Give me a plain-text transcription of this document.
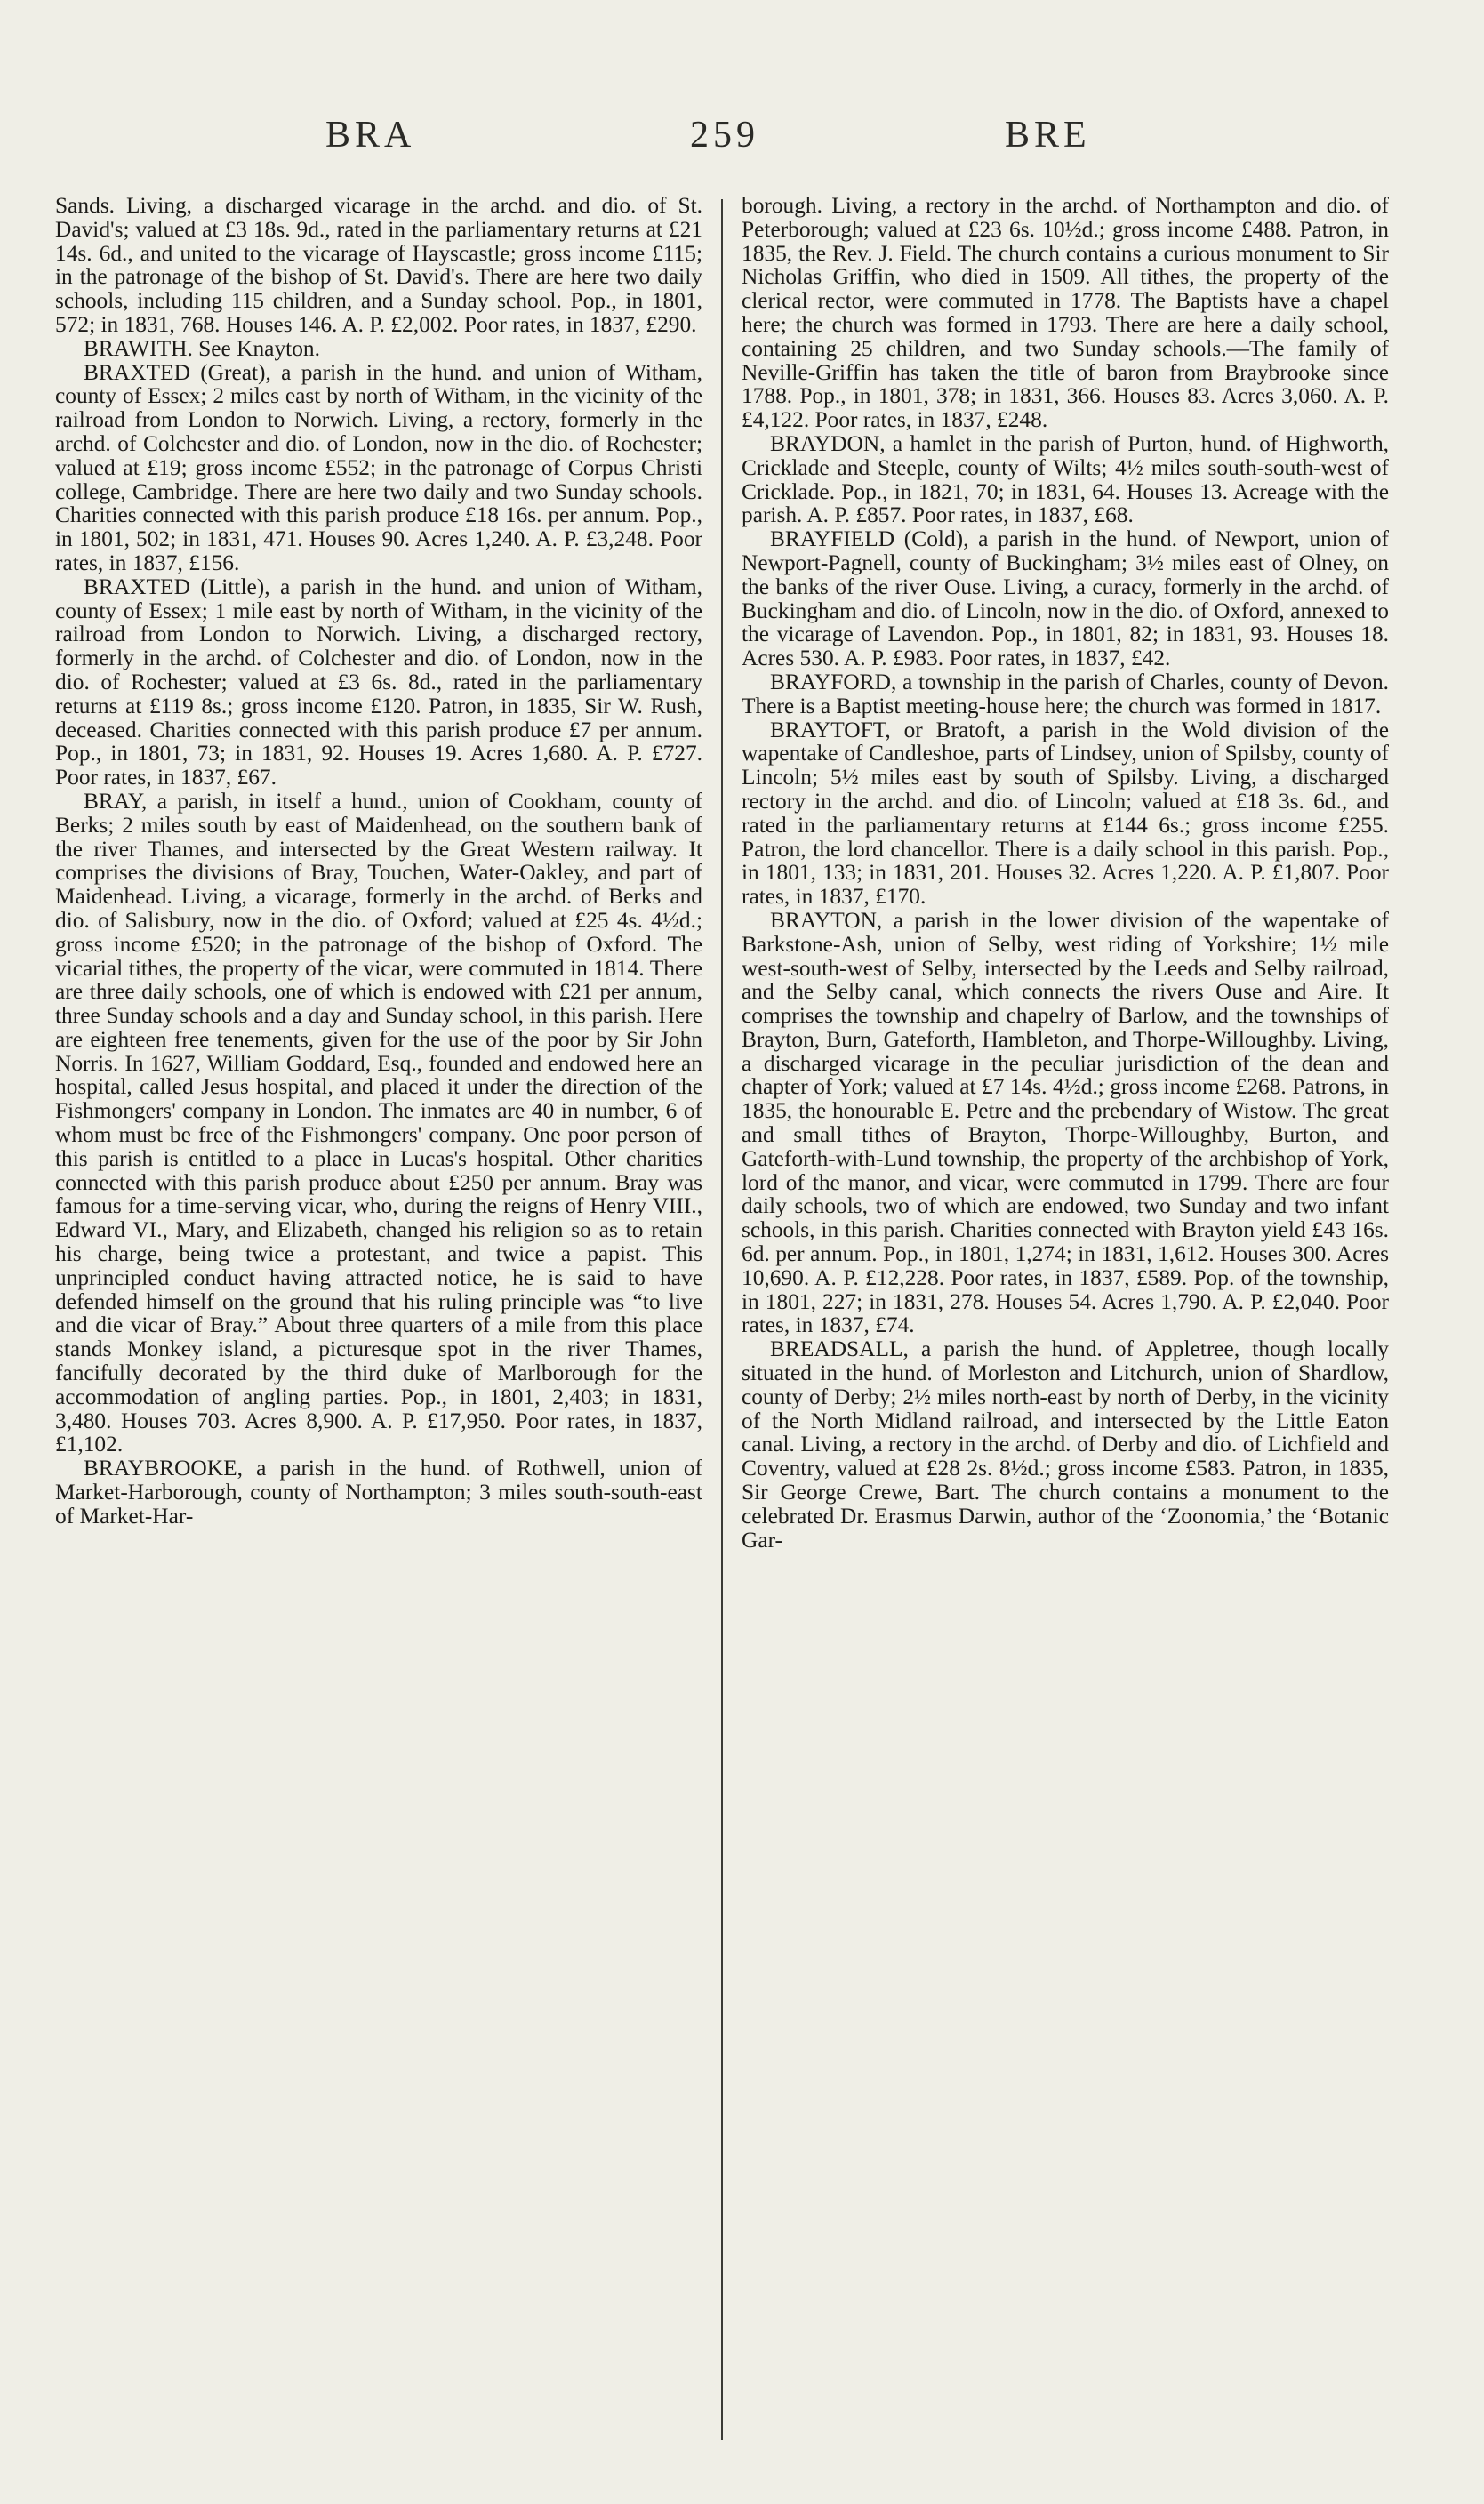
BRA	259	BRE

Sands. Living, a discharged vicarage in the archd. and dio. of St. David's; valued at £3 18s. 9d., rated in the parliamentary returns at £21 14s. 6d., and united to the vicarage of Hayscastle; gross income £115; in the patronage of the bishop of St. David's. There are here two daily schools, including 115 children, and a Sunday school. Pop., in 1801, 572; in 1831, 768. Houses 146. A. P. £2,002. Poor rates, in 1837, £290.

BRAWITH. See Knayton.

BRAXTED (Great), a parish in the hund. and union of Witham, county of Essex; 2 miles east by north of Witham, in the vicinity of the railroad from London to Norwich. Living, a rectory, formerly in the archd. of Colchester and dio. of London, now in the dio. of Rochester; valued at £19; gross income £552; in the patronage of Corpus Christi college, Cambridge. There are here two daily and two Sunday schools. Charities connected with this parish produce £18 16s. per annum. Pop., in 1801, 502; in 1831, 471. Houses 90. Acres 1,240. A. P. £3,248. Poor rates, in 1837, £156.

BRAXTED (Little), a parish in the hund. and union of Witham, county of Essex; 1 mile east by north of Witham, in the vicinity of the railroad from London to Norwich. Living, a discharged rectory, formerly in the archd. of Colchester and dio. of London, now in the dio. of Rochester; valued at £3 6s. 8d., rated in the parliamentary returns at £119 8s.; gross income £120. Patron, in 1835, Sir W. Rush, deceased. Charities connected with this parish produce £7 per annum. Pop., in 1801, 73; in 1831, 92. Houses 19. Acres 1,680. A. P. £727. Poor rates, in 1837, £67.

BRAY, a parish, in itself a hund., union of Cookham, county of Berks; 2 miles south by east of Maidenhead, on the southern bank of the river Thames, and intersected by the Great Western railway. It comprises the divisions of Bray, Touchen, Water-Oakley, and part of Maidenhead. Living, a vicarage, formerly in the archd. of Berks and dio. of Salisbury, now in the dio. of Oxford; valued at £25 4s. 4½d.; gross income £520; in the patronage of the bishop of Oxford. The vicarial tithes, the property of the vicar, were commuted in 1814. There are three daily schools, one of which is endowed with £21 per annum, three Sunday schools and a day and Sunday school, in this parish. Here are eighteen free tenements, given for the use of the poor by Sir John Norris. In 1627, William Goddard, Esq., founded and endowed here an hospital, called Jesus hospital, and placed it under the direction of the Fishmongers' company in London. The inmates are 40 in number, 6 of whom must be free of the Fishmongers' company. One poor person of this parish is entitled to a place in Lucas's hospital. Other charities connected with this parish produce about £250 per annum. Bray was famous for a time-serving vicar, who, during the reigns of Henry VIII., Edward VI., Mary, and Elizabeth, changed his religion so as to retain his charge, being twice a protestant, and twice a papist. This unprincipled conduct having attracted notice, he is said to have defended himself on the ground that his ruling principle was “to live and die vicar of Bray.” About three quarters of a mile from this place stands Monkey island, a picturesque spot in the river Thames, fancifully decorated by the third duke of Marlborough for the accommodation of angling parties. Pop., in 1801, 2,403; in 1831, 3,480. Houses 703. Acres 8,900. A. P. £17,950. Poor rates, in 1837, £1,102.

BRAYBROOKE, a parish in the hund. of Rothwell, union of Market-Harborough, county of Northampton; 3 miles south-south-east of Market-Har-

borough. Living, a rectory in the archd. of Northampton and dio. of Peterborough; valued at £23 6s. 10½d.; gross income £488. Patron, in 1835, the Rev. J. Field. The church contains a curious monument to Sir Nicholas Griffin, who died in 1509. All tithes, the property of the clerical rector, were commuted in 1778. The Baptists have a chapel here; the church was formed in 1793. There are here a daily school, containing 25 children, and two Sunday schools.—The family of Neville-Griffin has taken the title of baron from Braybrooke since 1788. Pop., in 1801, 378; in 1831, 366. Houses 83. Acres 3,060. A. P. £4,122. Poor rates, in 1837, £248.

BRAYDON, a hamlet in the parish of Purton, hund. of Highworth, Cricklade and Steeple, county of Wilts; 4½ miles south-south-west of Cricklade. Pop., in 1821, 70; in 1831, 64. Houses 13. Acreage with the parish. A. P. £857. Poor rates, in 1837, £68.

BRAYFIELD (Cold), a parish in the hund. of Newport, union of Newport-Pagnell, county of Buckingham; 3½ miles east of Olney, on the banks of the river Ouse. Living, a curacy, formerly in the archd. of Buckingham and dio. of Lincoln, now in the dio. of Oxford, annexed to the vicarage of Lavendon. Pop., in 1801, 82; in 1831, 93. Houses 18. Acres 530. A. P. £983. Poor rates, in 1837, £42.

BRAYFORD, a township in the parish of Charles, county of Devon. There is a Baptist meeting-house here; the church was formed in 1817.

BRAYTOFT, or Bratoft, a parish in the Wold division of the wapentake of Candleshoe, parts of Lindsey, union of Spilsby, county of Lincoln; 5½ miles east by south of Spilsby. Living, a discharged rectory in the archd. and dio. of Lincoln; valued at £18 3s. 6d., and rated in the parliamentary returns at £144 6s.; gross income £255. Patron, the lord chancellor. There is a daily school in this parish. Pop., in 1801, 133; in 1831, 201. Houses 32. Acres 1,220. A. P. £1,807. Poor rates, in 1837, £170.

BRAYTON, a parish in the lower division of the wapentake of Barkstone-Ash, union of Selby, west riding of Yorkshire; 1½ mile west-south-west of Selby, intersected by the Leeds and Selby railroad, and the Selby canal, which connects the rivers Ouse and Aire. It comprises the township and chapelry of Barlow, and the townships of Brayton, Burn, Gateforth, Hambleton, and Thorpe-Willoughby. Living, a discharged vicarage in the peculiar jurisdiction of the dean and chapter of York; valued at £7 14s. 4½d.; gross income £268. Patrons, in 1835, the honourable E. Petre and the prebendary of Wistow. The great and small tithes of Brayton, Thorpe-Willoughby, Burton, and Gateforth-with-Lund township, the property of the archbishop of York, lord of the manor, and vicar, were commuted in 1799. There are four daily schools, two of which are endowed, two Sunday and two infant schools, in this parish. Charities connected with Brayton yield £43 16s. 6d. per annum. Pop., in 1801, 1,274; in 1831, 1,612. Houses 300. Acres 10,690. A. P. £12,228. Poor rates, in 1837, £589. Pop. of the township, in 1801, 227; in 1831, 278. Houses 54. Acres 1,790. A. P. £2,040. Poor rates, in 1837, £74.

BREADSALL, a parish the hund. of Appletree, though locally situated in the hund. of Morleston and Litchurch, union of Shardlow, county of Derby; 2½ miles north-east by north of Derby, in the vicinity of the North Midland railroad, and intersected by the Little Eaton canal. Living, a rectory in the archd. of Derby and dio. of Lichfield and Coventry, valued at £28 2s. 8½d.; gross income £583. Patron, in 1835, Sir George Crewe, Bart. The church contains a monument to the celebrated Dr. Erasmus Darwin, author of the ‘Zoonomia,’ the ‘Botanic Gar-
